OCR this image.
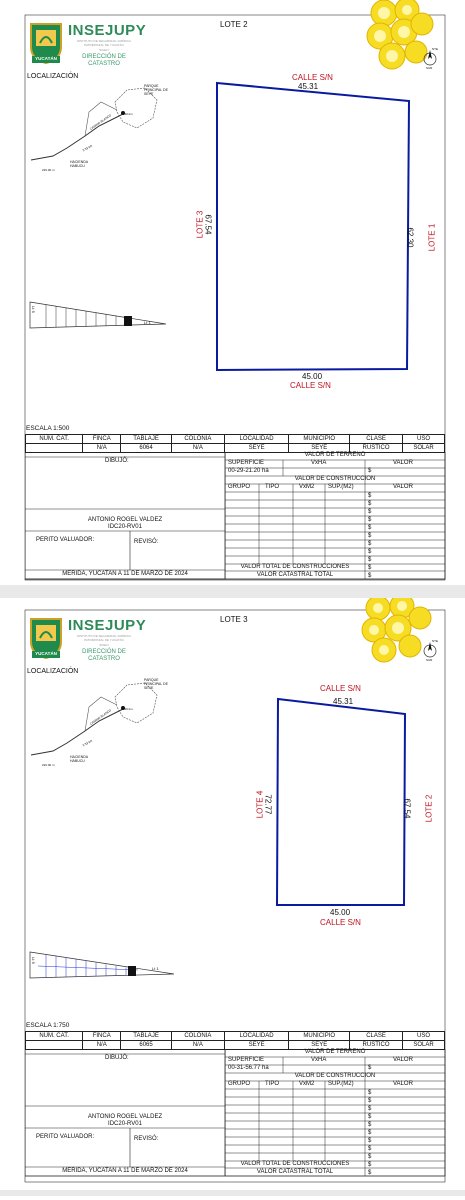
YUCATÁN
INSEJUPY
INSTITUTO DE SEGURIDAD JURÍDICA PATRIMONIAL DE YUCATÁN
SIGEO
DIRECCIÓN DE CATASTRO
LOTE 2
NTE
SUR
LOCALIZACIÓN
PARQUE PRINCIPAL DE SEYE
CAMINO BLANCO	1.30 km
2.33 km
HACIENDA HABUCU
220.00 m
Lt 9
Lt 1
CALLE S/N
45.31
45.00
CALLE S/N
LOTE 3 67.54
62.30 LOTE 1
ESCALA 1:500
NUM. CAT.	FINCA	TABLAJE	COLONIA	LOCALIDAD	MUNICIPIO	CLASE	USO
	N/A	6064	N/A	SEYE	SEYE	RUSTICO	SOLAR
DIBUJÓ:
ANTONIO ROGEL VALDEZ
IDC20-RV01
PERITO VALUADOR:	REVISÓ:
MERIDA, YUCATAN A 11 DE MARZO DE 2024
VALOR DE TERRENO
SUPERFICIE	VxHA	VALOR
00-29-21.20 ha	$
VALOR DE CONSTRUCCION
GRUPO TIPO	VxM2 SUP.(M2)	VALOR
$
$
$
$
$
$
$
$
$
$
$
VALOR TOTAL DE CONSTRUCCIONES
VALOR CATASTRAL TOTAL
YUCATÁN
INSEJUPY
INSTITUTO DE SEGURIDAD JURÍDICA PATRIMONIAL DE YUCATÁN
SIGEO
DIRECCIÓN DE CATASTRO
LOTE 3
NTE
SUR
LOCALIZACIÓN
PARQUE PRINCIPAL DE SEYE
CAMINO BLANCO	1.30 km
2.33 km
HACIENDA HABUCU
220.00 m
Lt 9
Lt 1
CALLE S/N
45.31
45.00
CALLE S/N
LOTE 4 72.77	67.54 LOTE 2
ESCALA 1:750
NUM. CAT.	FINCA	TABLAJE	COLONIA	LOCALIDAD	MUNICIPIO	CLASE	USO
	N/A	6065	N/A	SEYE	SEYE	RUSTICO	SOLAR
DIBUJÓ:
ANTONIO ROGEL VALDEZ
IDC20-RV01
PERITO VALUADOR:	REVISÓ:
MERIDA, YUCATAN A 11 DE MARZO DE 2024
VALOR DE TERRENO
SUPERFICIE	VxHA	VALOR
00-31-56.77 ha	$
VALOR DE CONSTRUCCION
GRUPO TIPO	VxM2 SUP.(M2)	VALOR
$
$
$
$
$
$
$
$
$
$
$
VALOR TOTAL DE CONSTRUCCIONES
VALOR CATASTRAL TOTAL
